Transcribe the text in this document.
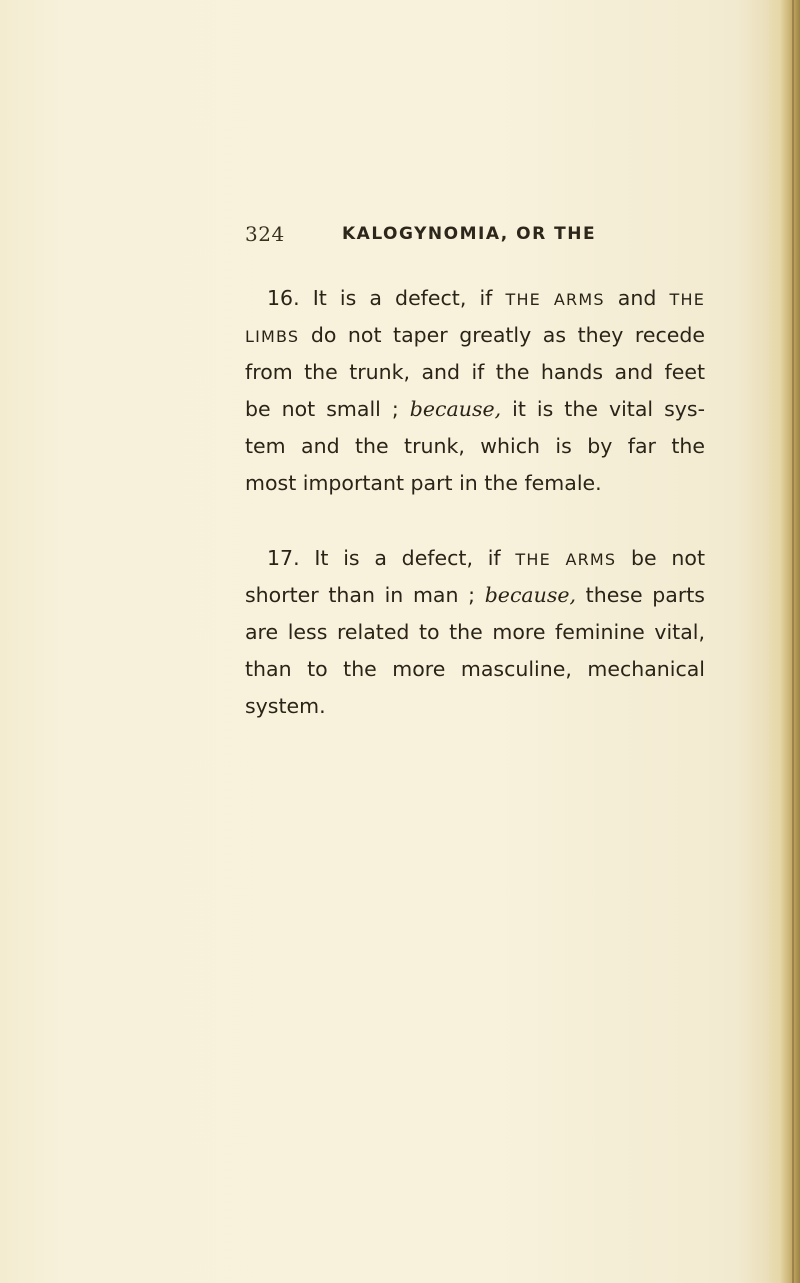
324	KALOGYNOMIA, OR THE
16. It is a defect, if THE ARMS and THE
LIMBS do not taper greatly as they recede
from the trunk, and if the hands and feet
be not small ; because, it is the vital sys-
tem and the trunk, which is by far the
most important part in the female.
17. It is a defect, if THE ARMS be not
shorter than in man ; because, these parts
are less related to the more feminine vital,
than to the more masculine, mechanical
system.
